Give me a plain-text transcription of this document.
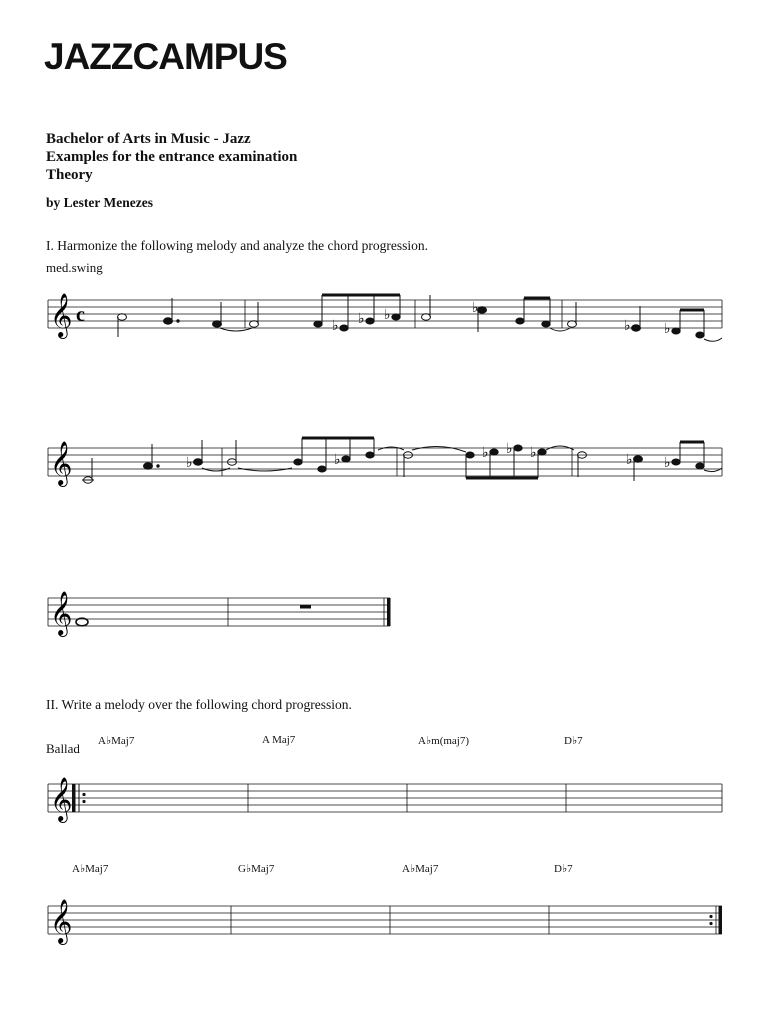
JAZZCAMPUS
Bachelor of Arts in Music - Jazz
Examples for the entrance examination
Theory
by Lester Menezes
I. Harmonize the following melody and analyze the chord progression.
med.swing
𝄞 c	♭ ♭ ♭	♭
♭ ♭
𝄞	♭	♭	♭ ♭ ♭	♭ ♭
𝄞
II. Write a melody over the following chord progression.
Ballad A♭Maj7	A Maj7	A♭m(maj7)	D♭7
𝄞
A♭Maj7	G♭Maj7	A♭Maj7	D♭7
𝄞
